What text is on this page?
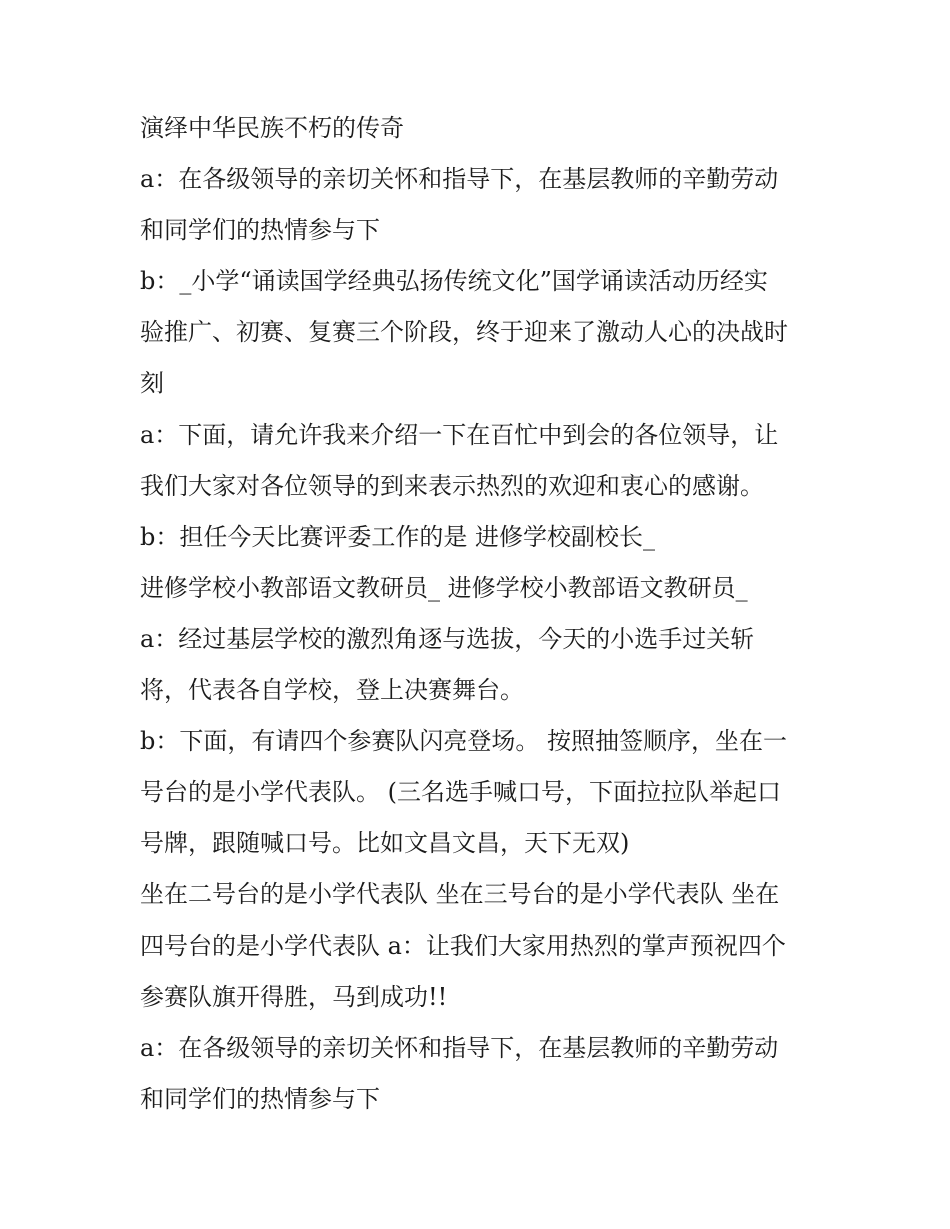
演绎中华民族不朽的传奇
a：在各级领导的亲切关怀和指导下，在基层教师的辛勤劳动
和同学们的热情参与下
b：_小学“诵读国学经典弘扬传统文化”国学诵读活动历经实
验推广、初赛、复赛三个阶段，终于迎来了激动人心的决战时
刻
a：下面，请允许我来介绍一下在百忙中到会的各位领导，让
我们大家对各位领导的到来表示热烈的欢迎和衷心的感谢。
b：担任今天比赛评委工作的是 进修学校副校长_
进修学校小教部语文教研员_ 进修学校小教部语文教研员_
a：经过基层学校的激烈角逐与选拔，今天的小选手过关斩
将，代表各自学校，登上决赛舞台。
b：下面，有请四个参赛队闪亮登场。 按照抽签顺序，坐在一
号台的是小学代表队。 (三名选手喊口号，下面拉拉队举起口
号牌，跟随喊口号。比如文昌文昌，天下无双)
坐在二号台的是小学代表队 坐在三号台的是小学代表队 坐在
四号台的是小学代表队 a：让我们大家用热烈的掌声预祝四个
参赛队旗开得胜，马到成功!!
a：在各级领导的亲切关怀和指导下，在基层教师的辛勤劳动
和同学们的热情参与下
